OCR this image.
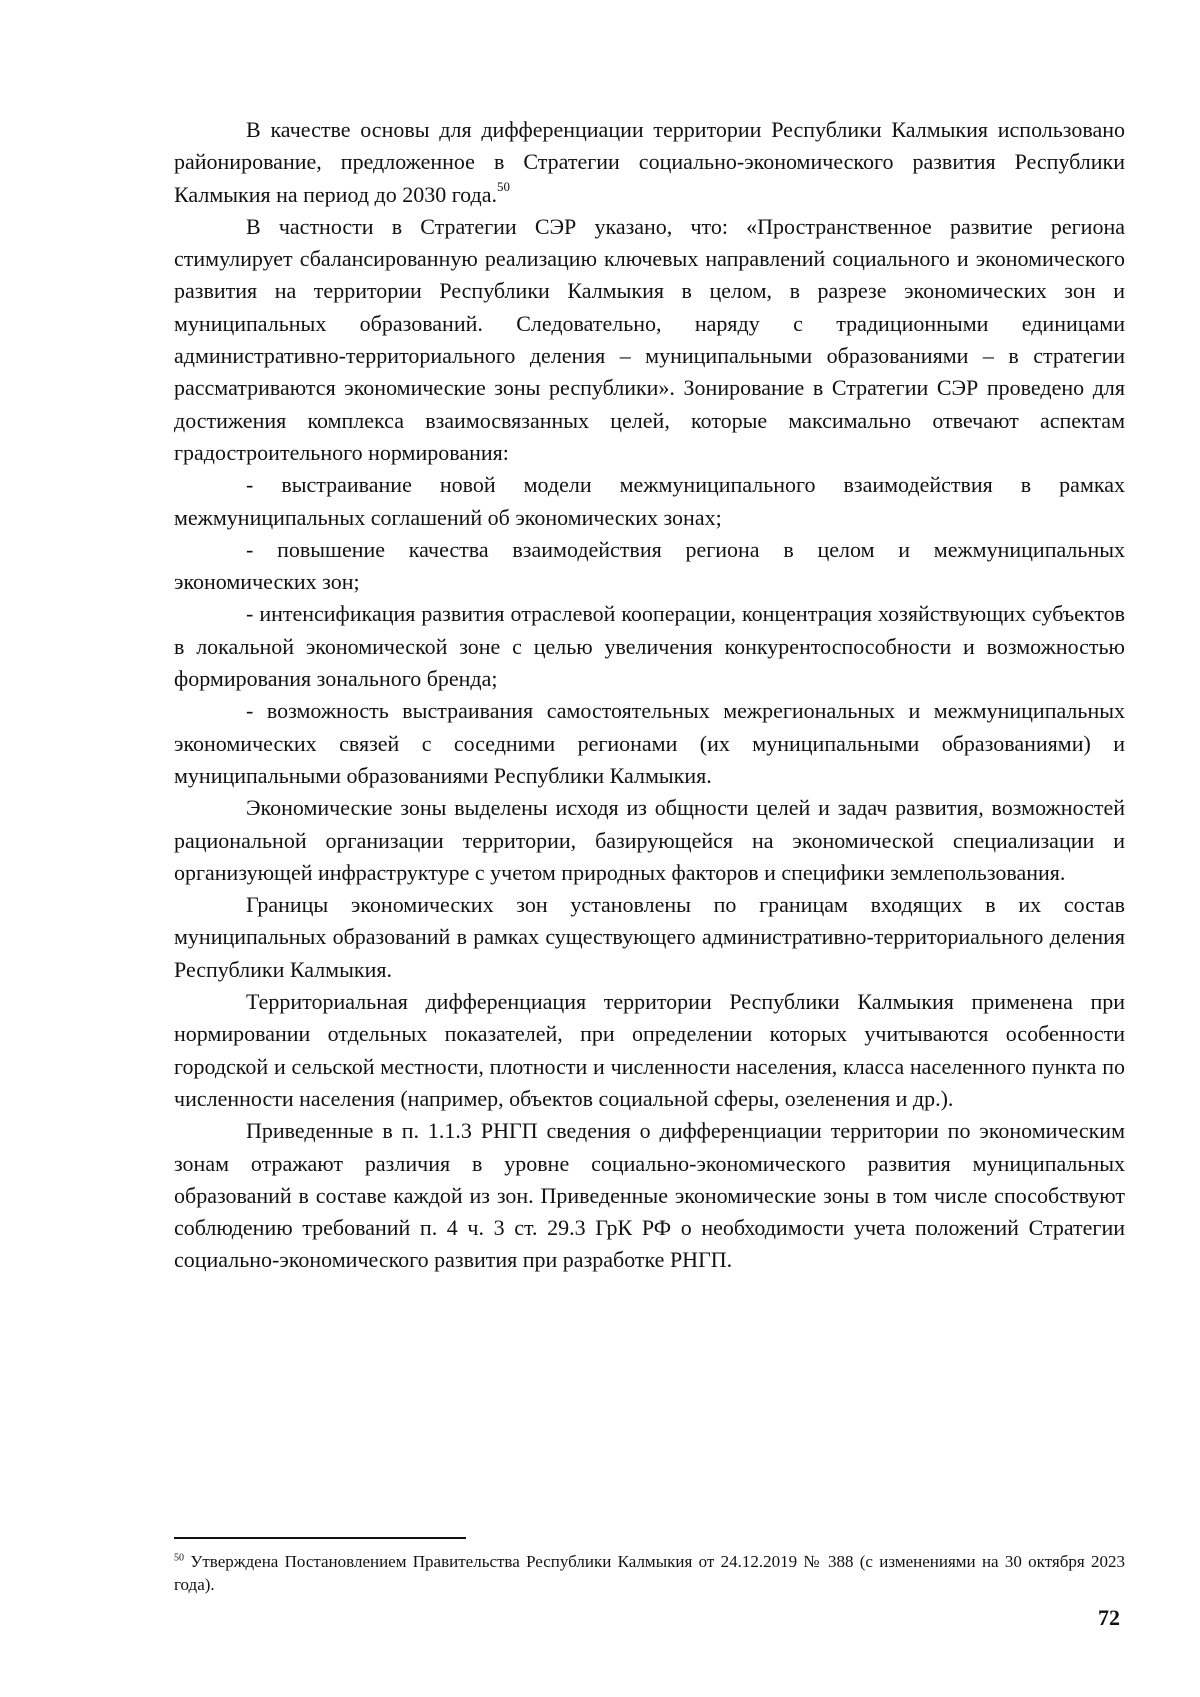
В качестве основы для дифференциации территории Республики Калмыкия использовано районирование, предложенное в Стратегии социально-экономического развития Республики Калмыкия на период до 2030 года.$^{50}$

В частности в Стратегии СЭР указано, что: «Пространственное развитие региона стимулирует сбалансированную реализацию ключевых направлений социального и экономического развития на территории Республики Калмыкия в целом, в разрезе экономических зон и муниципальных образований. Следовательно, наряду с традиционными единицами административно-территориального деления – муниципальными образованиями – в стратегии рассматриваются экономические зоны республики». Зонирование в Стратегии СЭР проведено для достижения комплекса взаимосвязанных целей, которые максимально отвечают аспектам градостроительного нормирования:

- выстраивание новой модели межмуниципального взаимодействия в рамках межмуниципальных соглашений об экономических зонах;

- повышение качества взаимодействия региона в целом и межмуниципальных экономических зон;

- интенсификация развития отраслевой кооперации, концентрация хозяйствующих субъектов в локальной экономической зоне с целью увеличения конкурентоспособности и возможностью формирования зонального бренда;

- возможность выстраивания самостоятельных межрегиональных и межмуниципальных экономических связей с соседними регионами (их муниципальными образованиями) и муниципальными образованиями Республики Калмыкия.

Экономические зоны выделены исходя из общности целей и задач развития, возможностей рациональной организации территории, базирующейся на экономической специализации и организующей инфраструктуре с учетом природных факторов и специфики землепользования.

Границы экономических зон установлены по границам входящих в их состав муниципальных образований в рамках существующего административно-территориального деления Республики Калмыкия.

Территориальная дифференциация территории Республики Калмыкия применена при нормировании отдельных показателей, при определении которых учитываются особенности городской и сельской местности, плотности и численности населения, класса населенного пункта по численности населения (например, объектов социальной сферы, озеленения и др.).

Приведенные в п. 1.1.3 РНГП сведения о дифференциации территории по экономическим зонам отражают различия в уровне социально-экономического развития муниципальных образований в составе каждой из зон. Приведенные экономические зоны в том числе способствуют соблюдению требований п. 4 ч. 3 ст. 29.3 ГрК РФ о необходимости учета положений Стратегии социально-экономического развития при разработке РНГП.

$^{50}$ Утверждена Постановлением Правительства Республики Калмыкия от 24.12.2019 № 388 (с изменениями на 30 октября 2023 года).
72
